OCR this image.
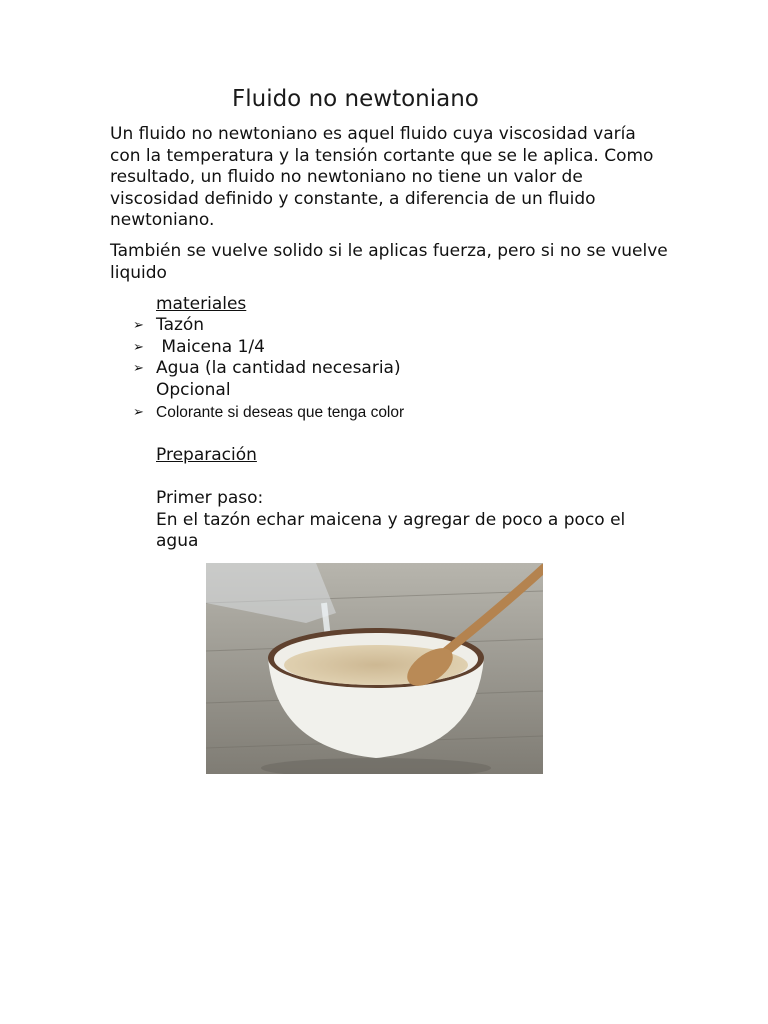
Fluido no newtoniano

Un fluido no newtoniano es aquel fluido cuya viscosidad varía con la temperatura y la tensión cortante que se le aplica. Como resultado, un fluido no newtoniano no tiene un valor de viscosidad definido y constante, a diferencia de un fluido newtoniano.

También se vuelve solido si le aplicas fuerza, pero si no se vuelve liquido

materiales
➢ Tazón
➢ Maicena 1/4
➢ Agua (la cantidad necesaria)
Opcional
➢ Colorante si deseas que tenga color
Preparación
Primer paso:
En el tazón echar maicena y agregar de poco a poco el
agua
